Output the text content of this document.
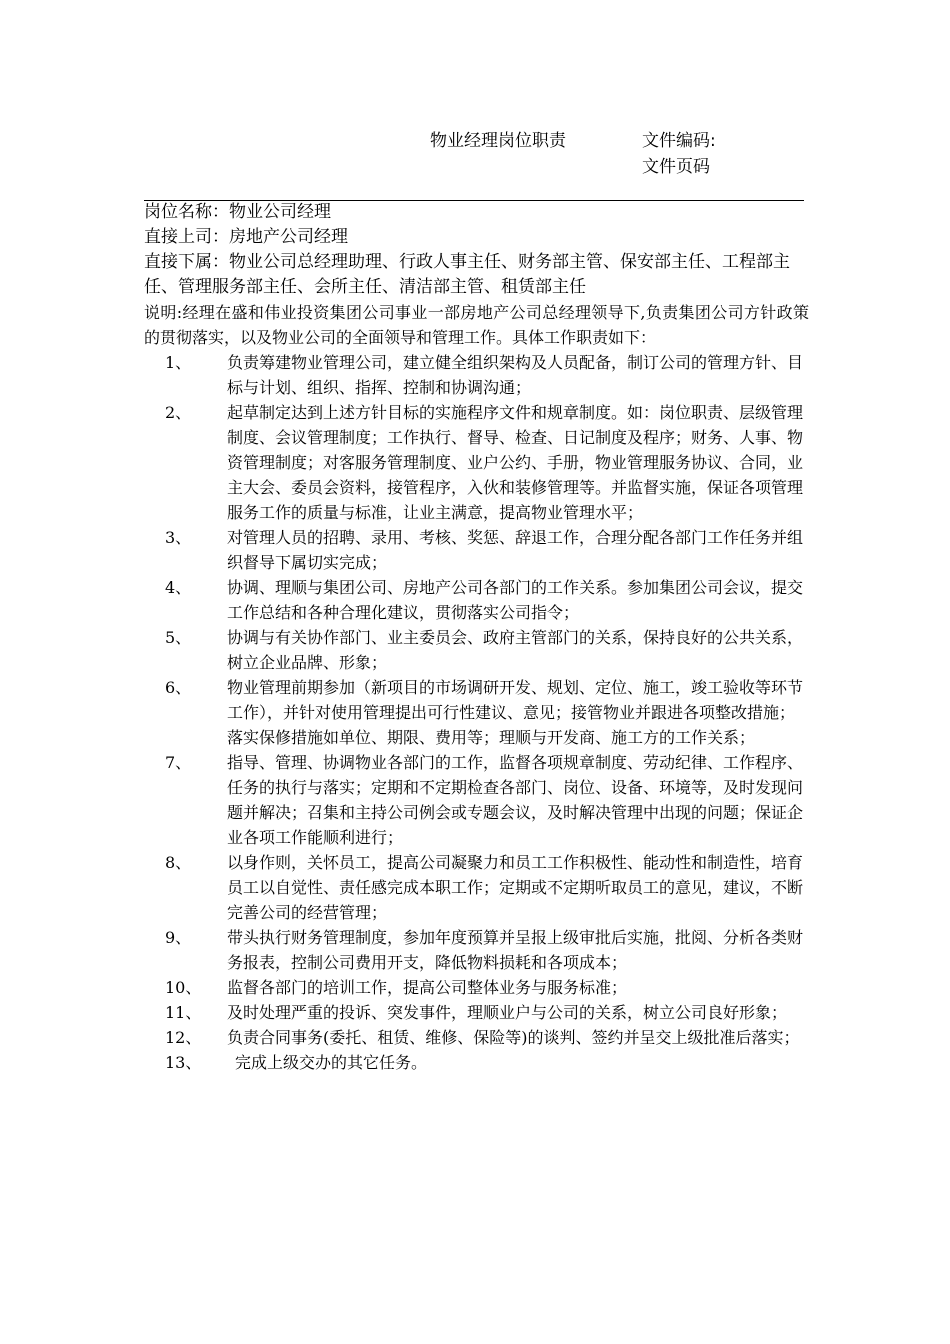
物业经理岗位职责	文件编码:
文件页码
岗位名称：物业公司经理
直接上司：房地产公司经理
直接下属：物业公司总经理助理、行政人事主任、财务部主管、保安部主任、工程部主任、管理服务部主任、会所主任、清洁部主管、租赁部主任
说明:经理在盛和伟业投资集团公司事业一部房地产公司总经理领导下,负责集团公司方针政策的贯彻落实，以及物业公司的全面领导和管理工作。具体工作职责如下：
1、 负责筹建物业管理公司，建立健全组织架构及人员配备，制订公司的管理方针、目标与计划、组织、指挥、控制和协调沟通；
2、 起草制定达到上述方针目标的实施程序文件和规章制度。如：岗位职责、层级管理制度、会议管理制度；工作执行、督导、检查、日记制度及程序；财务、人事、物资管理制度；对客服务管理制度、业户公约、手册，物业管理服务协议、合同，业主大会、委员会资料，接管程序，入伙和装修管理等。并监督实施，保证各项管理服务工作的质量与标准，让业主满意，提高物业管理水平；
3、 对管理人员的招聘、录用、考核、奖惩、辞退工作，合理分配各部门工作任务并组织督导下属切实完成；
4、 协调、理顺与集团公司、房地产公司各部门的工作关系。参加集团公司会议，提交工作总结和各种合理化建议，贯彻落实公司指令；
5、 协调与有关协作部门、业主委员会、政府主管部门的关系，保持良好的公共关系，树立企业品牌、形象；
6、 物业管理前期参加（新项目的市场调研开发、规划、定位、施工，竣工验收等环节工作），并针对使用管理提出可行性建议、意见；接管物业并跟进各项整改措施；落实保修措施如单位、期限、费用等；理顺与开发商、施工方的工作关系；
7、 指导、管理、协调物业各部门的工作，监督各项规章制度、劳动纪律、工作程序、任务的执行与落实；定期和不定期检查各部门、岗位、设备、环境等，及时发现问题并解决；召集和主持公司例会或专题会议，及时解决管理中出现的问题；保证企业各项工作能顺利进行；
8、 以身作则，关怀员工，提高公司凝聚力和员工工作积极性、能动性和制造性，培育员工以自觉性、责任感完成本职工作；定期或不定期听取员工的意见，建议，不断完善公司的经营管理；
9、 带头执行财务管理制度，参加年度预算并呈报上级审批后实施，批阅、分析各类财务报表，控制公司费用开支，降低物料损耗和各项成本；
10、 监督各部门的培训工作，提高公司整体业务与服务标准；
11、 及时处理严重的投诉、突发事件，理顺业户与公司的关系，树立公司良好形象；
12、 负责合同事务(委托、租赁、维修、保险等)的谈判、签约并呈交上级批准后落实；
13、	完成上级交办的其它任务。
